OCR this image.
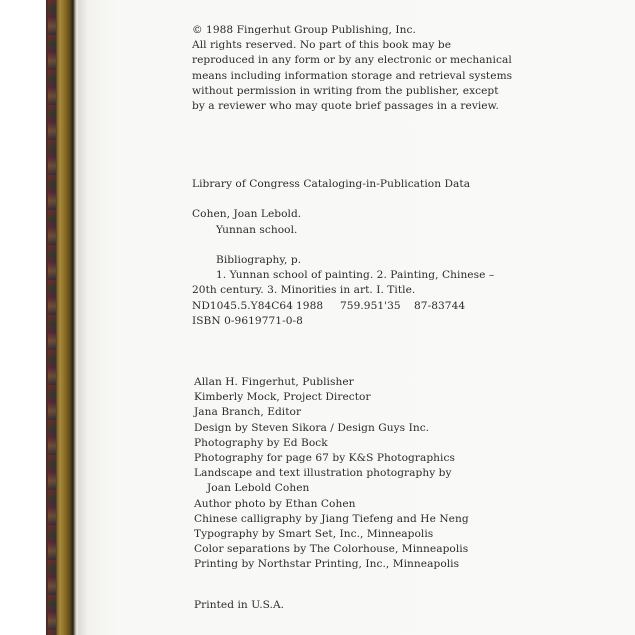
© 1988 Fingerhut Group Publishing, Inc.

All rights reserved. No part of this book may be

reproduced in any form or by any electronic or mechanical

means including information storage and retrieval systems

without permission in writing from the publisher, except

by a reviewer who may quote brief passages in a review.

Library of Congress Cataloging-in-Publication Data

Cohen, Joan Lebold.

Yunnan school.

Bibliography, p.

1. Yunnan school of painting. 2. Painting, Chinese –

20th century. 3. Minorities in art. I. Title.

ND1045.5.Y84C64 1988	759.951'35	87-83744

ISBN 0-9619771-0-8

Allan H. Fingerhut, Publisher

Kimberly Mock, Project Director

Jana Branch, Editor

Design by Steven Sikora / Design Guys Inc.

Photography by Ed Bock

Photography for page 67 by K&S Photographics

Landscape and text illustration photography by

Joan Lebold Cohen

Author photo by Ethan Cohen

Chinese calligraphy by Jiang Tiefeng and He Neng

Typography by Smart Set, Inc., Minneapolis

Color separations by The Colorhouse, Minneapolis

Printing by Northstar Printing, Inc., Minneapolis

Printed in U.S.A.
